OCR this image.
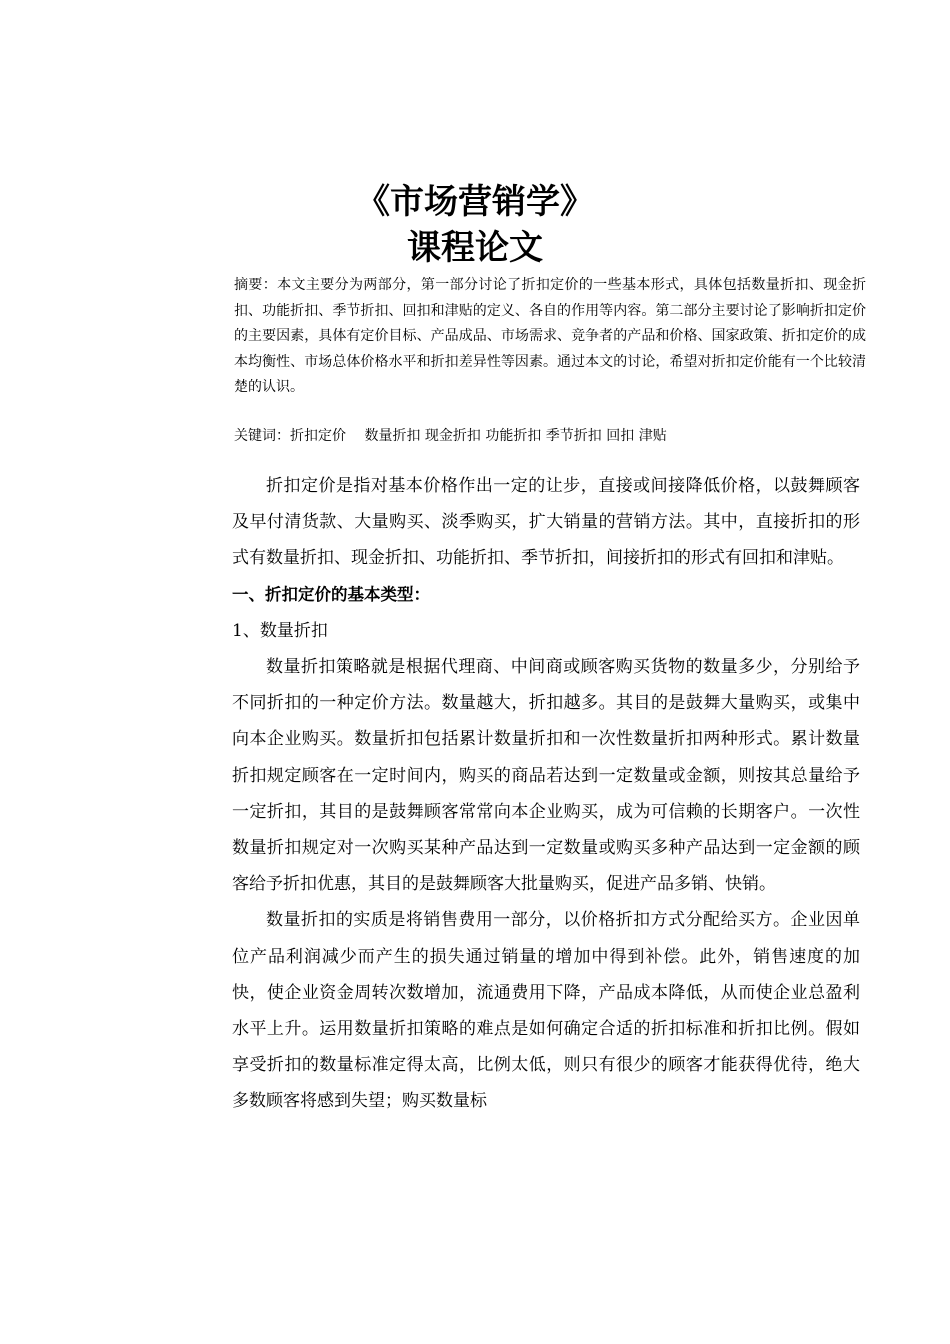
《市场营销学》
课程论文
摘要：本文主要分为两部分，第一部分讨论了折扣定价的一些基本形式，具体包括数量折扣、现金折扣、功能折扣、季节折扣、回扣和津贴的定义、各自的作用等内容。第二部分主要讨论了影响折扣定价的主要因素，具体有定价目标、产品成品、市场需求、竞争者的产品和价格、国家政策、折扣定价的成本均衡性、市场总体价格水平和折扣差异性等因素。通过本文的讨论，希望对折扣定价能有一个比较清楚的认识。
关键词：折扣定价　 数量折扣 现金折扣 功能折扣 季节折扣 回扣 津贴

折扣定价是指对基本价格作出一定的让步，直接或间接降低价格，以鼓舞顾客及早付清货款、大量购买、淡季购买，扩大销量的营销方法。其中，直接折扣的形式有数量折扣、现金折扣、功能折扣、季节折扣，间接折扣的形式有回扣和津贴。

一、折扣定价的基本类型：

1、数量折扣

数量折扣策略就是根据代理商、中间商或顾客购买货物的数量多少，分别给予不同折扣的一种定价方法。数量越大，折扣越多。其目的是鼓舞大量购买，或集中向本企业购买。数量折扣包括累计数量折扣和一次性数量折扣两种形式。累计数量折扣规定顾客在一定时间内，购买的商品若达到一定数量或金额，则按其总量给予一定折扣，其目的是鼓舞顾客常常向本企业购买，成为可信赖的长期客户。一次性数量折扣规定对一次购买某种产品达到一定数量或购买多种产品达到一定金额的顾客给予折扣优惠，其目的是鼓舞顾客大批量购买，促进产品多销、快销。

数量折扣的实质是将销售费用一部分，以价格折扣方式分配给买方。企业因单位产品利润减少而产生的损失通过销量的增加中得到补偿。此外，销售速度的加快，使企业资金周转次数增加，流通费用下降，产品成本降低，从而使企业总盈利水平上升。运用数量折扣策略的难点是如何确定合适的折扣标准和折扣比例。假如享受折扣的数量标准定得太高，比例太低，则只有很少的顾客才能获得优待，绝大多数顾客将感到失望；购买数量标
